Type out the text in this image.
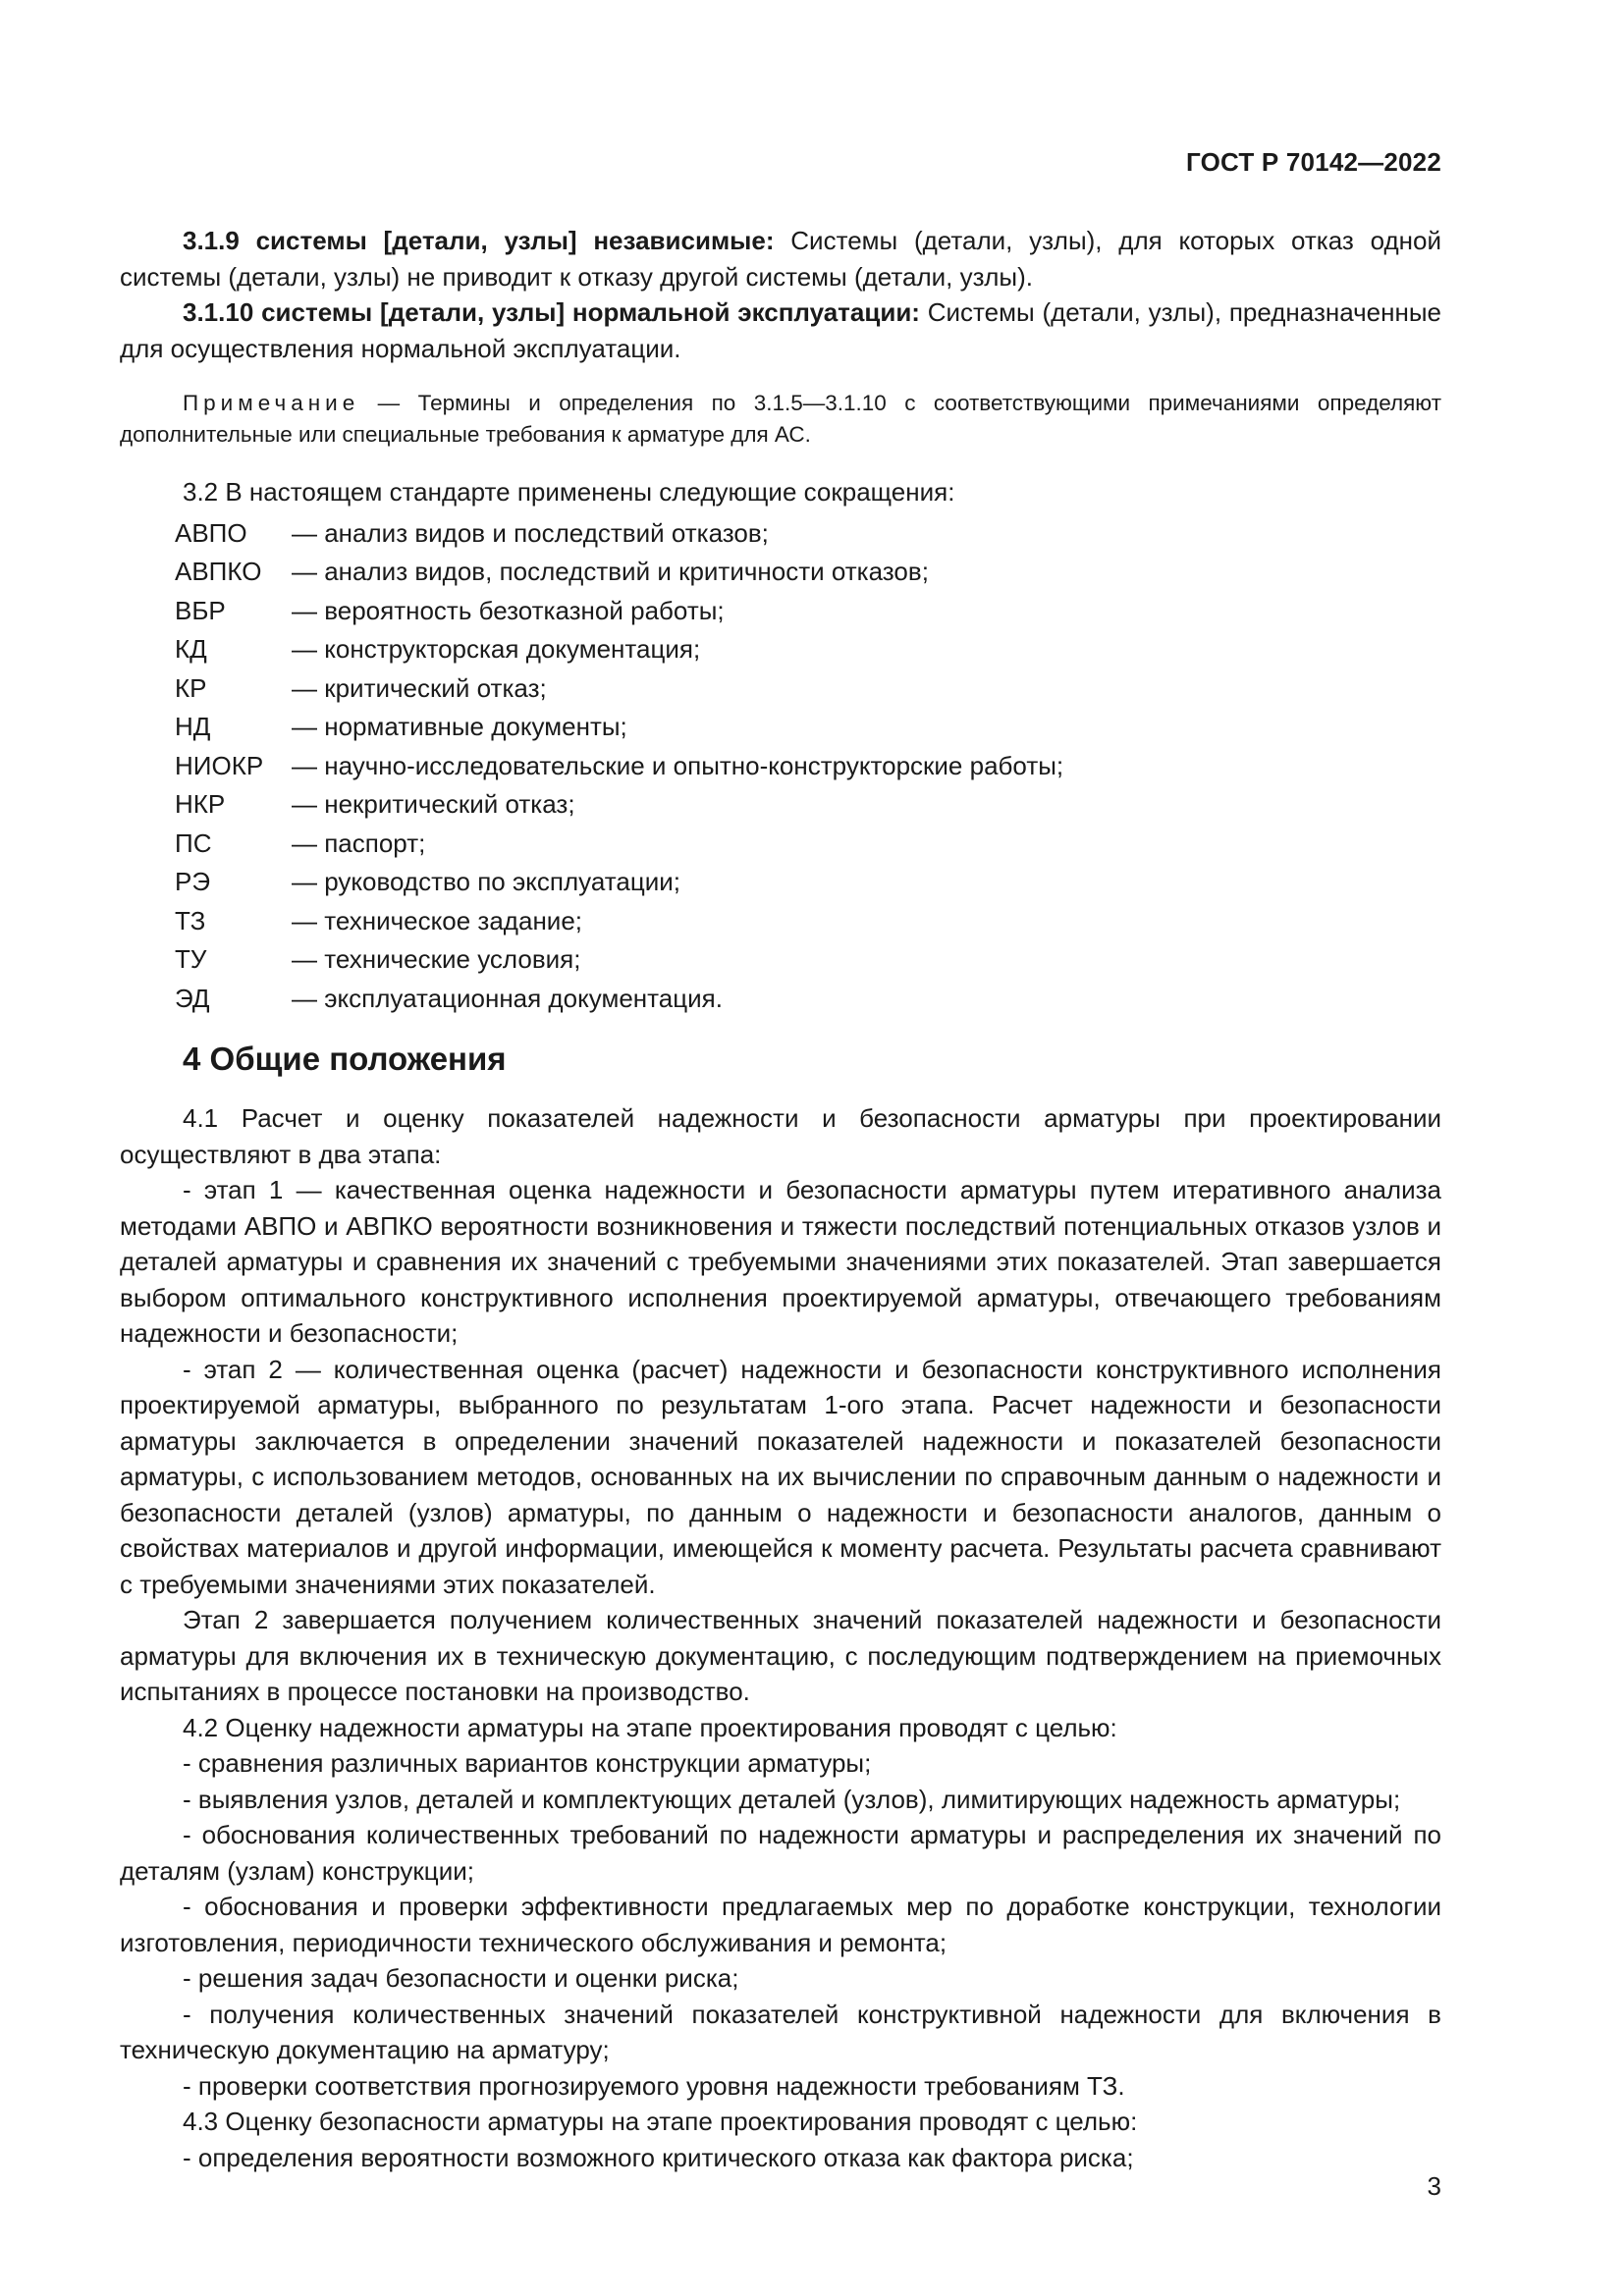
ГОСТ Р 70142—2022

3.1.9 системы [детали, узлы] независимые: Системы (детали, узлы), для которых отказ одной системы (детали, узлы) не приводит к отказу другой системы (детали, узлы).

3.1.10 системы [детали, узлы] нормальной эксплуатации: Системы (детали, узлы), предназначенные для осуществления нормальной эксплуатации.

Примечание — Термины и определения по 3.1.5—3.1.10 с соответствующими примечаниями определяют дополнительные или специальные требования к арматуре для АС.

3.2 В настоящем стандарте применены следующие сокращения:

АВПО	— анализ видов и последствий отказов;
АВПКО	— анализ видов, последствий и критичности отказов;
ВБР	— вероятность безотказной работы;
КД	— конструкторская документация;
КР	— критический отказ;
НД	— нормативные документы;
НИОКР	— научно-исследовательские и опытно-конструкторские работы;
НКР	— некритический отказ;
ПС	— паспорт;
РЭ	— руководство по эксплуатации;
ТЗ	— техническое задание;
ТУ	— технические условия;
ЭД	— эксплуатационная документация.
4 Общие положения

4.1 Расчет и оценку показателей надежности и безопасности арматуры при проектировании осуществляют в два этапа:

- этап 1 — качественная оценка надежности и безопасности арматуры путем итеративного анализа методами АВПО и АВПКО вероятности возникновения и тяжести последствий потенциальных отказов узлов и деталей арматуры и сравнения их значений с требуемыми значениями этих показателей. Этап завершается выбором оптимального конструктивного исполнения проектируемой арматуры, отвечающего требованиям надежности и безопасности;

- этап 2 — количественная оценка (расчет) надежности и безопасности конструктивного исполнения проектируемой арматуры, выбранного по результатам 1-ого этапа. Расчет надежности и безопасности арматуры заключается в определении значений показателей надежности и показателей безопасности арматуры, с использованием методов, основанных на их вычислении по справочным данным о надежности и безопасности деталей (узлов) арматуры, по данным о надежности и безопасности аналогов, данным о свойствах материалов и другой информации, имеющейся к моменту расчета. Результаты расчета сравнивают с требуемыми значениями этих показателей.

Этап 2 завершается получением количественных значений показателей надежности и безопасности арматуры для включения их в техническую документацию, с последующим подтверждением на приемочных испытаниях в процессе постановки на производство.

4.2 Оценку надежности арматуры на этапе проектирования проводят с целью:

- сравнения различных вариантов конструкции арматуры;

- выявления узлов, деталей и комплектующих деталей (узлов), лимитирующих надежность арматуры;

- обоснования количественных требований по надежности арматуры и распределения их значений по деталям (узлам) конструкции;

- обоснования и проверки эффективности предлагаемых мер по доработке конструкции, технологии изготовления, периодичности технического обслуживания и ремонта;

- решения задач безопасности и оценки риска;

- получения количественных значений показателей конструктивной надежности для включения в техническую документацию на арматуру;

- проверки соответствия прогнозируемого уровня надежности требованиям ТЗ.

4.3 Оценку безопасности арматуры на этапе проектирования проводят с целью:

- определения вероятности возможного критического отказа как фактора риска;

3
